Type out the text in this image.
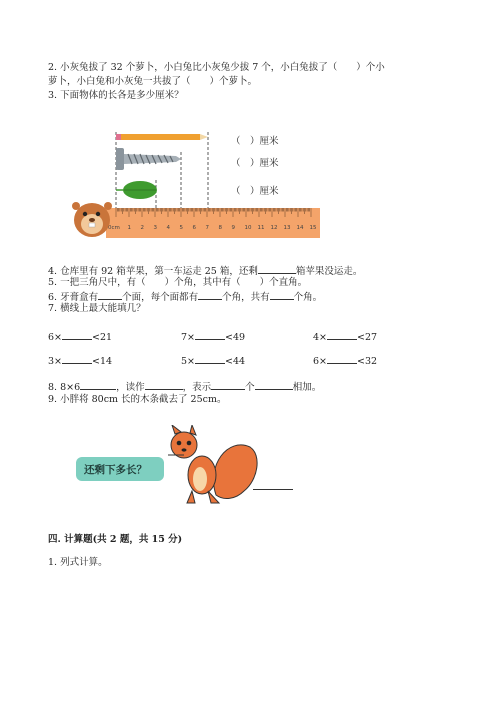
2. 小灰兔拔了 32 个萝卜，小白兔比小灰兔少拔 7 个，小白兔拔了（　　）个小
萝卜，小白兔和小灰兔一共拔了（　　）个萝卜。
3. 下面物体的长各是多少厘米？
1 2 3 4 5 6 7 8 9 10 11 12 13 14 15
0cm
（　）厘米
（　）厘米
（　）厘米
4. 仓库里有 92 箱苹果，第一车运走 25 箱，还剩	箱苹果没运走。
5. 一把三角尺中，有（　　）个角，其中有（　　）个直角。
6. 牙膏盒有	个面，每个面都有	个角，共有	个角。
7. 横线上最大能填几？
6×	<21	7×	<49	4×	<27
3×	<14	5×	<44	6×	<32
8. 8×6	，读作	，表示	个	相加。
9. 小胖将 80cm 长的木条截去了 25cm。
还剩下多长？
四. 计算题(共 2 题，共 15 分)
1. 列式计算。
